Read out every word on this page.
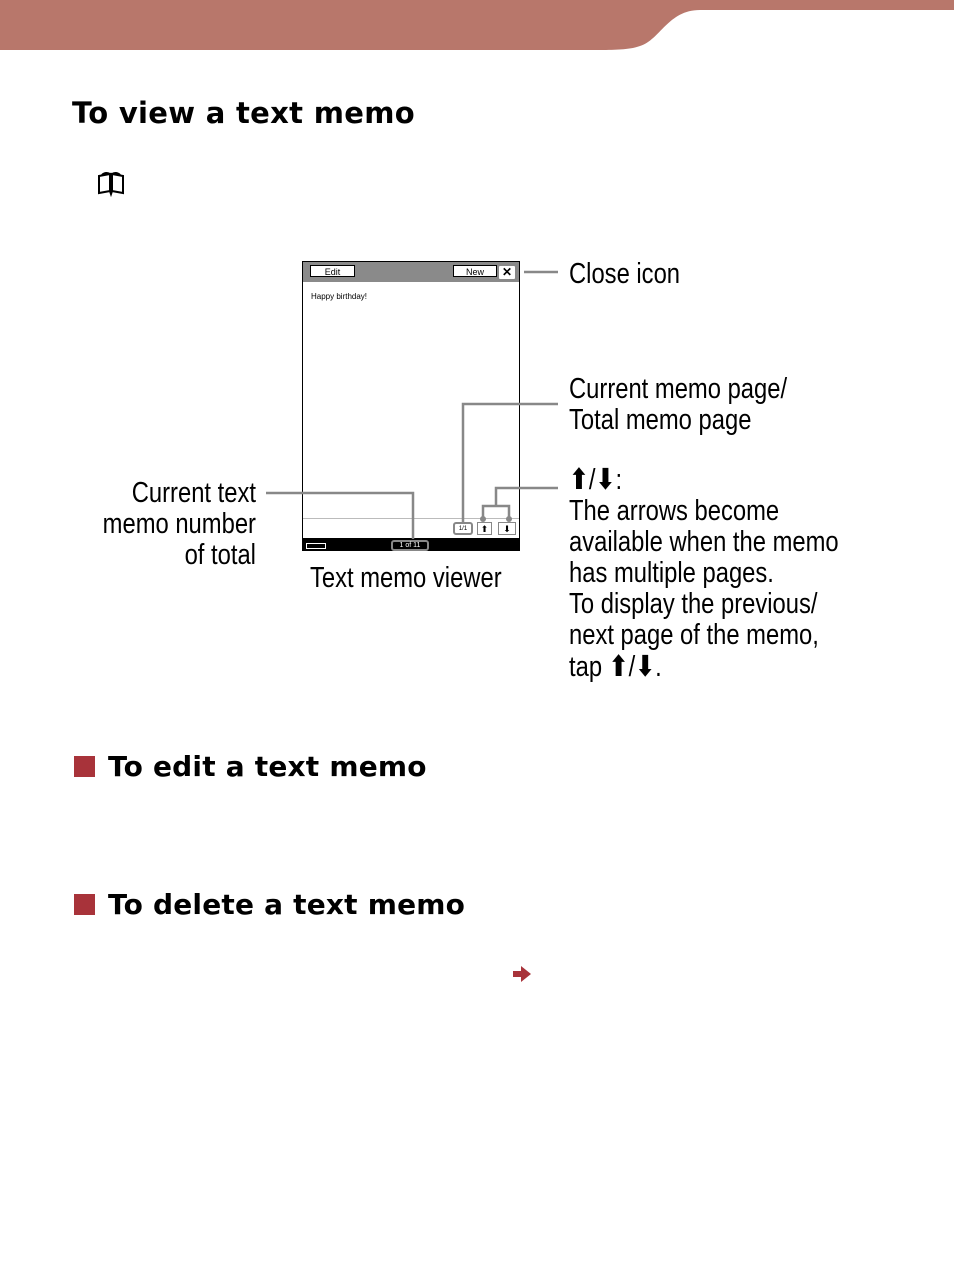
To view a text memo
Edit	New	✕
Happy birthday!
1/1	⬆	⬇
1 of 11
Close icon
Current memo page/
Total memo page
⬆/⬇:
The arrows become
available when the memo
has multiple pages.
To display the previous/
next page of the memo,
tap ⬆/⬇.
Current text
memo number
of total
Text memo viewer
To edit a text memo
To delete a text memo
